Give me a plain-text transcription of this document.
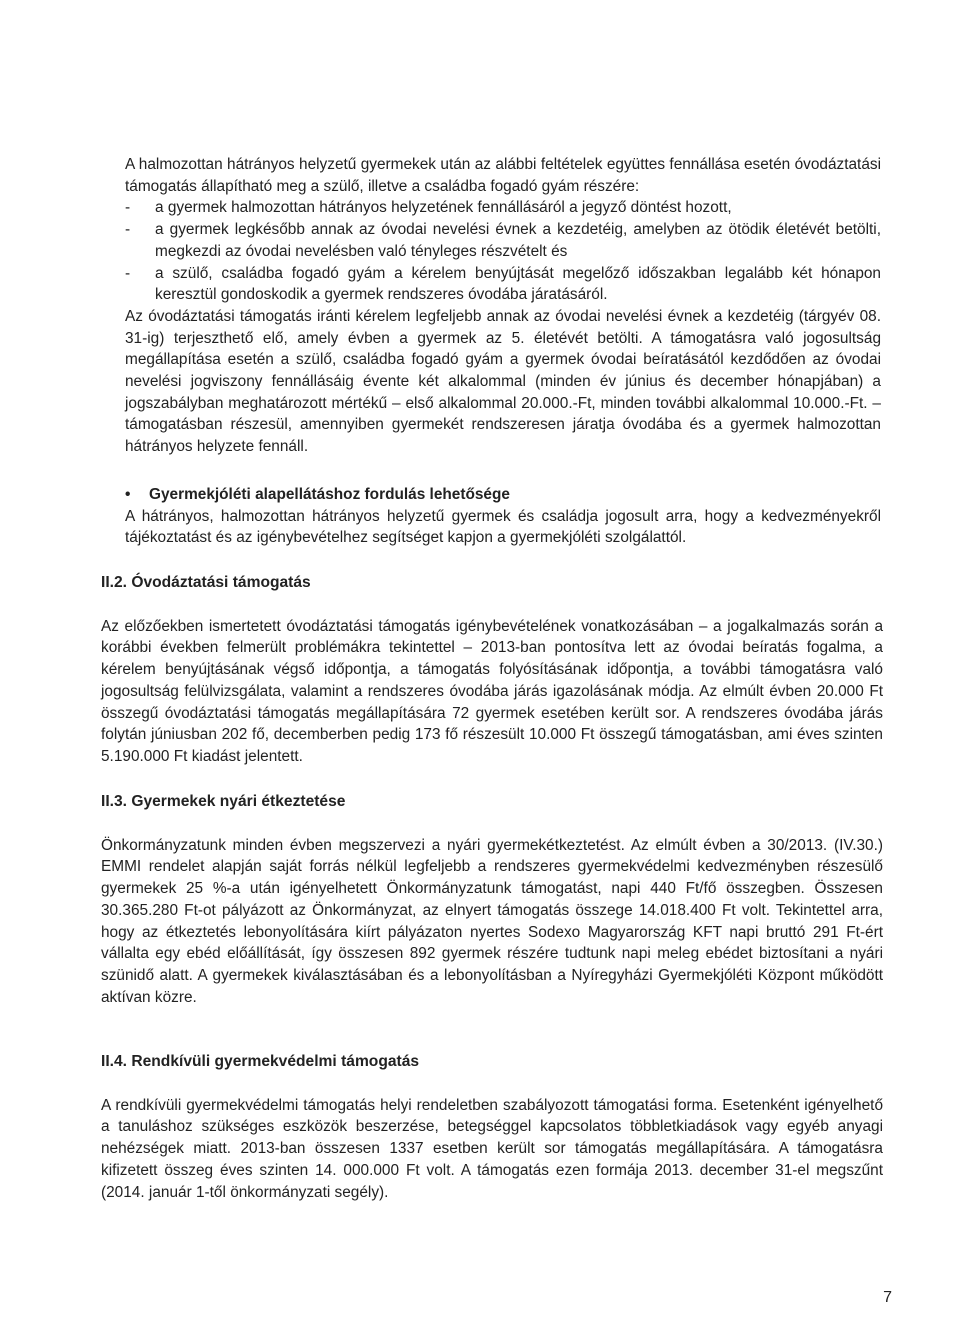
A halmozottan hátrányos helyzetű gyermekek után az alábbi feltételek együttes fennállása esetén óvodáztatási támogatás állapítható meg a szülő, illetve a családba fogadó gyám részére:

-	a gyermek halmozottan hátrányos helyzetének fennállásáról a jegyző döntést hozott,
-	a gyermek legkésőbb annak az óvodai nevelési évnek a kezdetéig, amelyben az ötödik életévét betölti, megkezdi az óvodai nevelésben való tényleges részvételt és
-	a szülő, családba fogadó gyám a kérelem benyújtását megelőző időszakban legalább két hónapon keresztül gondoskodik a gyermek rendszeres óvodába járatásáról.

Az óvodáztatási támogatás iránti kérelem legfeljebb annak az óvodai nevelési évnek a kezdetéig (tárgyév 08. 31-ig) terjeszthető elő, amely évben a gyermek az 5. életévét betölti. A támogatásra való jogosultság megállapítása esetén a szülő, családba fogadó gyám a gyermek óvodai beíratásától kezdődően az óvodai nevelési jogviszony fennállásáig évente két alkalommal (minden év június és december hónapjában) a jogszabályban meghatározott mértékű – első alkalommal 20.000.-Ft, minden további alkalommal 10.000.-Ft. – támogatásban részesül, amennyiben gyermekét rendszeresen járatja óvodába és a gyermek halmozottan hátrányos helyzete fennáll.

•	Gyermekjóléti alapellátáshoz fordulás lehetősége

A hátrányos, halmozottan hátrányos helyzetű gyermek és családja jogosult arra, hogy a kedvezményekről tájékoztatást és az igénybevételhez segítséget kapjon a gyermekjóléti szolgálattól.

II.2. Óvodáztatási támogatás

Az előzőekben ismertetett óvodáztatási támogatás igénybevételének vonatkozásában – a jogalkalmazás során a korábbi években felmerült problémákra tekintettel – 2013-ban pontosítva lett az óvodai beíratás fogalma, a kérelem benyújtásának végső időpontja, a támogatás folyósításának időpontja, a további támogatásra való jogosultság felülvizsgálata, valamint a rendszeres óvodába járás igazolásának módja. Az elmúlt évben 20.000 Ft összegű óvodáztatási támogatás megállapítására 72 gyermek esetében került sor. A rendszeres óvodába járás folytán júniusban 202 fő, decemberben pedig 173 fő részesült 10.000 Ft összegű támogatásban, ami éves szinten 5.190.000 Ft kiadást jelentett.

II.3. Gyermekek nyári étkeztetése

Önkormányzatunk minden évben megszervezi a nyári gyermekétkeztetést. Az elmúlt évben a 30/2013. (IV.30.) EMMI rendelet alapján saját forrás nélkül legfeljebb a rendszeres gyermekvédelmi kedvezményben részesülő gyermekek 25 %-a után igényelhetett Önkormányzatunk támogatást, napi 440 Ft/fő összegben. Összesen 30.365.280 Ft-ot pályázott az Önkormányzat, az elnyert támogatás összege 14.018.400 Ft volt. Tekintettel arra, hogy az étkeztetés lebonyolítására kiírt pályázaton nyertes Sodexo Magyarország KFT napi bruttó 291 Ft-ért vállalta egy ebéd előállítását, így összesen 892 gyermek részére tudtunk napi meleg ebédet biztosítani a nyári szünidő alatt. A gyermekek kiválasztásában és a lebonyolításban a Nyíregyházi Gyermekjóléti Központ működött aktívan közre.

II.4. Rendkívüli gyermekvédelmi támogatás

A rendkívüli gyermekvédelmi támogatás helyi rendeletben szabályozott támogatási forma. Esetenként igényelhető a tanuláshoz szükséges eszközök beszerzése, betegséggel kapcsolatos többletkiadások vagy egyéb anyagi nehézségek miatt. 2013-ban összesen 1337 esetben került sor támogatás megállapítására. A támogatásra kifizetett összeg éves szinten 14. 000.000 Ft volt. A támogatás ezen formája 2013. december 31-el megszűnt (2014. január 1-től önkormányzati segély).

7
